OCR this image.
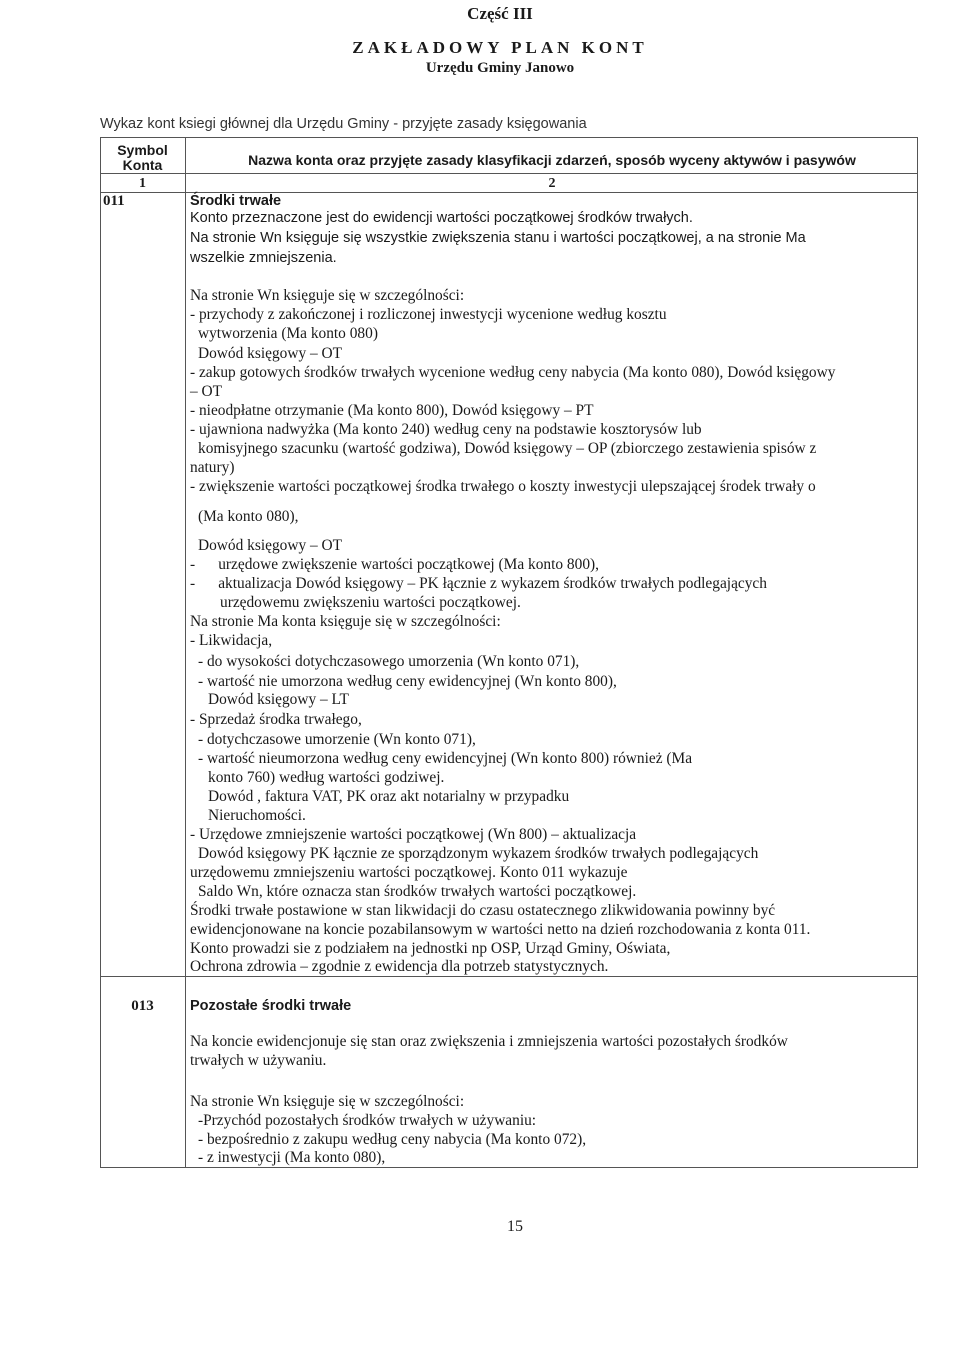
Część III
ZAKŁADOWY PLAN KONT
Urzędu Gminy Janowo
Wykaz kont ksiegi głównej dla Urzędu Gminy - przyjęte zasady księgowania
Symbol Konta	Nazwa konta oraz przyjęte zasady klasyfikacji zdarzeń, sposób wyceny aktywów i pasywów
1	2
011	Środki trwałe

Konto przeznaczone jest do ewidencji wartości początkowej środków trwałych.

Na stronie Wn księguje się wszystkie zwiększenia stanu i wartości początkowej, a na stronie Ma

wszelkie zmniejszenia.

Na stronie Wn księguje się w szczególności:

- przychody z zakończonej i rozliczonej inwestycji wycenione według kosztu

wytworzenia (Ma konto 080)

Dowód księgowy – OT

- zakup gotowych środków trwałych wycenione według ceny nabycia (Ma konto 080), Dowód księgowy

– OT

- nieodpłatne otrzymanie (Ma konto 800), Dowód księgowy – PT

- ujawniona nadwyżka (Ma konto 240) według ceny na podstawie kosztorysów lub

komisyjnego szacunku (wartość godziwa), Dowód księgowy – OP (zbiorczego zestawienia spisów z

natury)

- zwiększenie wartości początkowej środka trwałego o koszty inwestycji ulepszającej środek trwały o

(Ma konto 080),

Dowód księgowy – OT

-      urzędowe zwiększenie wartości początkowej (Ma konto 800),

-      aktualizacja Dowód księgowy – PK łącznie z wykazem środków trwałych podlegających

urzędowemu zwiększeniu wartości początkowej.

Na stronie Ma konta księguje się w szczególności:

- Likwidacja,

- do wysokości dotychczasowego umorzenia (Wn konto 071),

- wartość nie umorzona według ceny ewidencyjnej (Wn konto 800),

Dowód księgowy – LT

- Sprzedaż środka trwałego,

- dotychczasowe umorzenie (Wn konto 071),

- wartość nieumorzona według ceny ewidencyjnej (Wn konto 800) również (Ma

konto 760) według wartości godziwej.

Dowód , faktura VAT, PK oraz akt notarialny w przypadku

Nieruchomości.

- Urzędowe zmniejszenie wartości początkowej (Wn 800) – aktualizacja

Dowód księgowy PK łącznie ze sporządzonym wykazem środków trwałych podlegających

urzędowemu zmniejszeniu wartości początkowej. Konto 011 wykazuje

Saldo Wn, które oznacza stan środków trwałych wartości początkowej.

Środki trwałe postawione w stan likwidacji do czasu ostatecznego zlikwidowania powinny być

ewidencjonowane na koncie pozabilansowym w wartości netto na dzień rozchodowania z konta 011.

Konto prowadzi sie z podziałem na jednostki np OSP, Urząd Gminy, Oświata,

Ochrona zdrowia – zgodnie z ewidencja dla potrzeb statystycznych.

013	Pozostałe środki trwałe

Na koncie ewidencjonuje się stan oraz zwiększenia i zmniejszenia wartości pozostałych środków

trwałych w używaniu.

Na stronie Wn księguje się w szczególności:

-Przychód pozostałych środków trwałych w używaniu:

- bezpośrednio z zakupu według ceny nabycia (Ma konto 072),

- z inwestycji (Ma konto 080),

15
